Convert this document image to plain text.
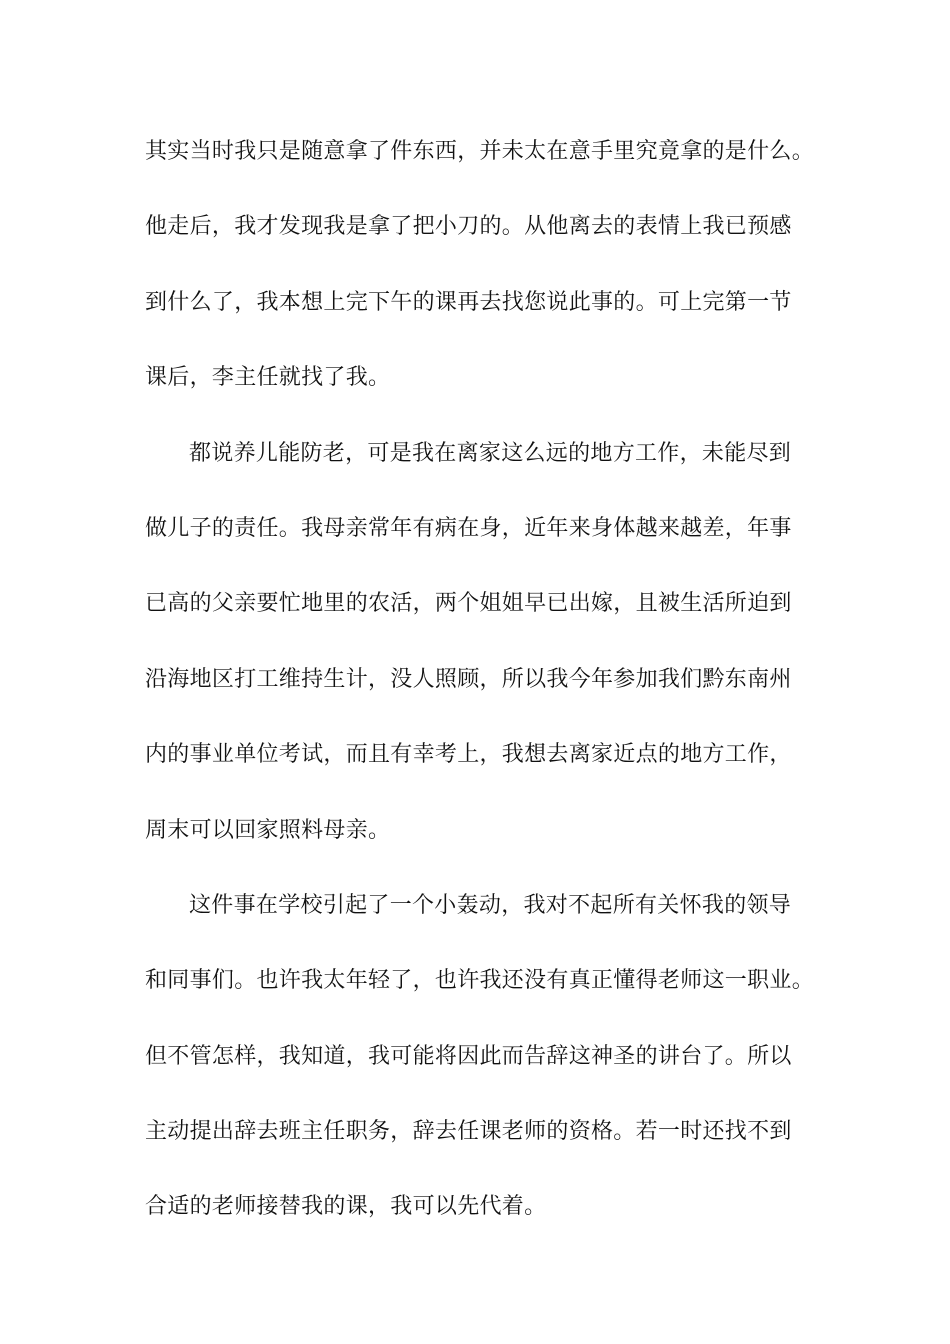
其实当时我只是随意拿了件东西，并未太在意手里究竟拿的是什么。
他走后，我才发现我是拿了把小刀的。从他离去的表情上我已预感
到什么了，我本想上完下午的课再去找您说此事的。可上完第一节
课后，李主任就找了我。
都说养儿能防老，可是我在离家这么远的地方工作，未能尽到
做儿子的责任。我母亲常年有病在身，近年来身体越来越差，年事
已高的父亲要忙地里的农活，两个姐姐早已出嫁，且被生活所迫到
沿海地区打工维持生计，没人照顾，所以我今年参加我们黔东南州
内的事业单位考试，而且有幸考上，我想去离家近点的地方工作，
周末可以回家照料母亲。
这件事在学校引起了一个小轰动，我对不起所有关怀我的领导
和同事们。也许我太年轻了，也许我还没有真正懂得老师这一职业。
但不管怎样，我知道，我可能将因此而告辞这神圣的讲台了。所以
主动提出辞去班主任职务，辞去任课老师的资格。若一时还找不到
合适的老师接替我的课，我可以先代着。
